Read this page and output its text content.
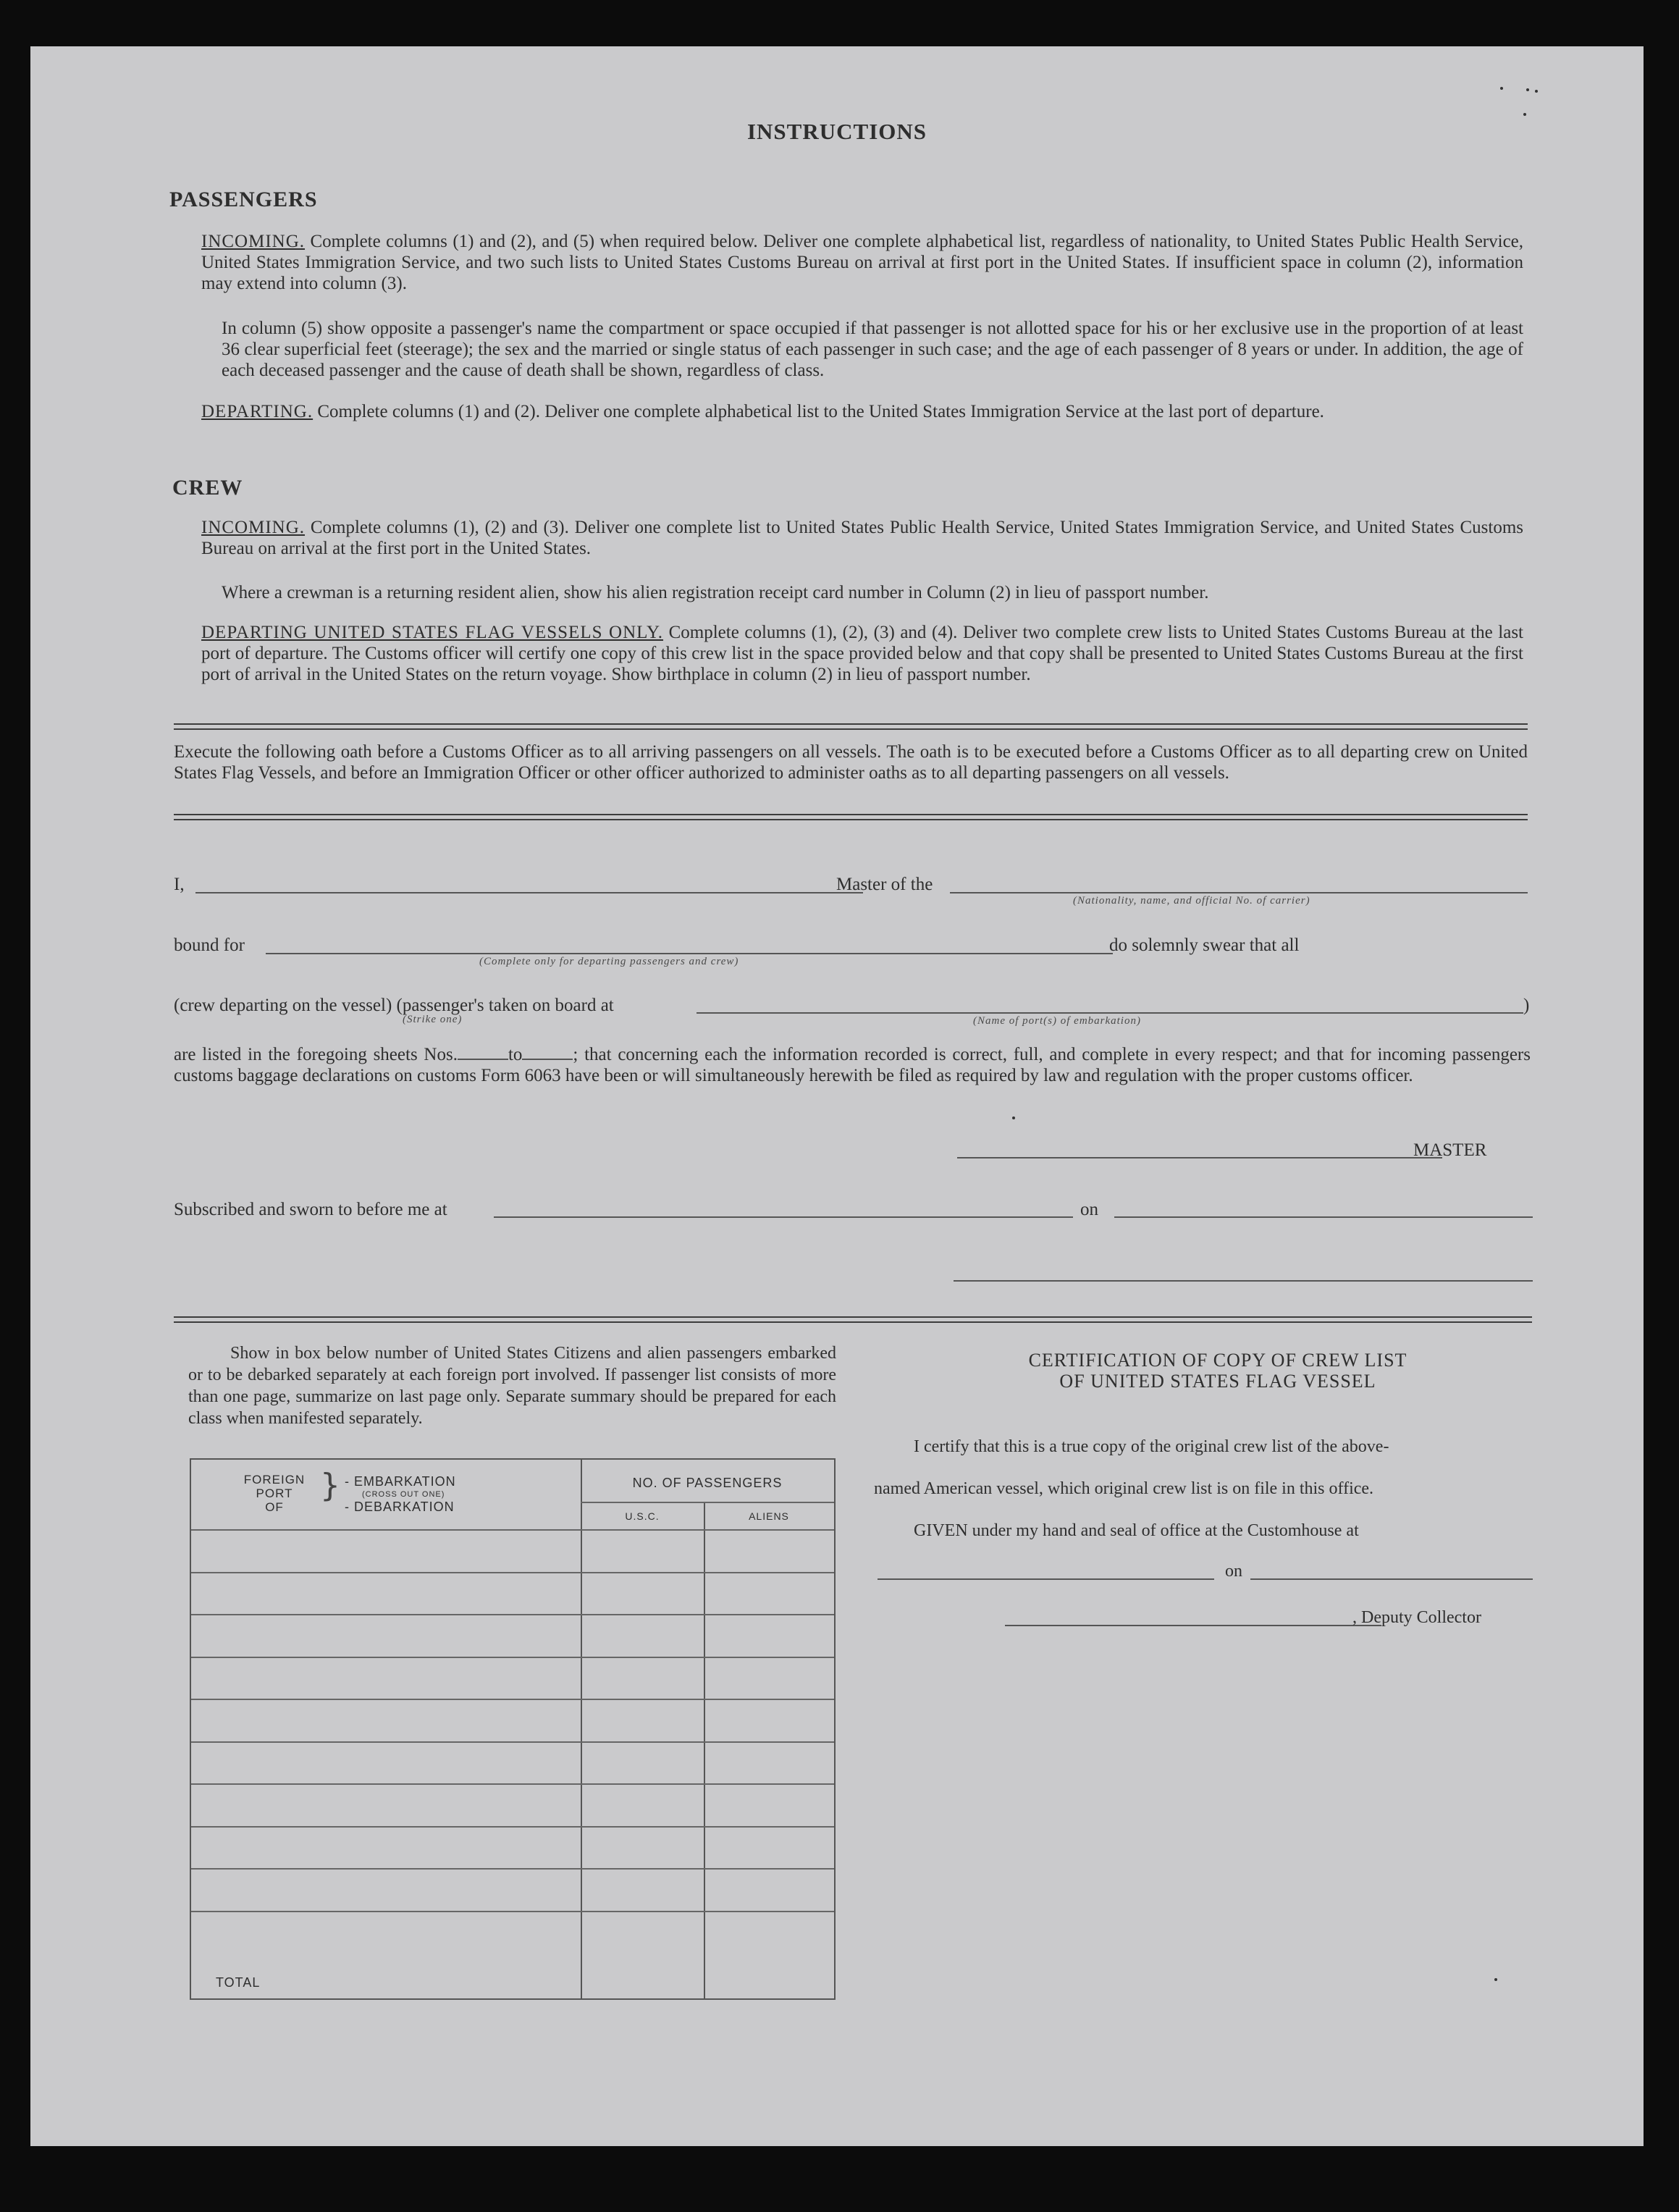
INSTRUCTIONS
PASSENGERS
INCOMING. Complete columns (1) and (2), and (5) when required below. Deliver one complete alphabetical list, regardless of nationality, to United States Public Health Service, United States Immigration Service, and two such lists to United States Customs Bureau on arrival at first port in the United States. If insufficient space in column (2), information may extend into column (3).
In column (5) show opposite a passenger's name the compartment or space occupied if that passenger is not allotted space for his or her exclusive use in the proportion of at least 36 clear superficial feet (steerage); the sex and the married or single status of each passenger in such case; and the age of each passenger of 8 years or under. In addition, the age of each deceased passenger and the cause of death shall be shown, regardless of class.
DEPARTING. Complete columns (1) and (2). Deliver one complete alphabetical list to the United States Immigration Service at the last port of departure.
CREW
INCOMING. Complete columns (1), (2) and (3). Deliver one complete list to United States Public Health Service, United States Immigration Service, and United States Customs Bureau on arrival at the first port in the United States.
Where a crewman is a returning resident alien, show his alien registration receipt card number in Column (2) in lieu of passport number.
DEPARTING UNITED STATES FLAG VESSELS ONLY. Complete columns (1), (2), (3) and (4). Deliver two complete crew lists to United States Customs Bureau at the last port of departure. The Customs officer will certify one copy of this crew list in the space provided below and that copy shall be presented to United States Customs Bureau at the first port of arrival in the United States on the return voyage. Show birthplace in column (2) in lieu of passport number.
Execute the following oath before a Customs Officer as to all arriving passengers on all vessels. The oath is to be executed before a Customs Officer as to all departing crew on United States Flag Vessels, and before an Immigration Officer or other officer authorized to administer oaths as to all departing passengers on all vessels.
I,	Master of the
(Nationality, name, and official No. of carrier)
bound for
(Complete only for departing passengers and crew)
do solemnly swear that all
(crew departing on the vessel) (passenger's taken on board at
(Strike one)	(Name of port(s) of embarkation)
)
are listed in the foregoing sheets Nos.	to	; that concerning each the information recorded is correct, full, and complete in every respect; and that for incoming passengers customs baggage declarations on customs Form 6063 have been or will simultaneously herewith be filed as required by law and regulation with the proper customs officer.
MASTER
Subscribed and sworn to before me at	on
Show in box below number of United States Citizens and alien passengers embarked or to be debarked separately at each foreign port involved. If passenger list consists of more than one page, summarize on last page only. Separate summary should be prepared for each class when manifested separately.
FOREIGN
PORT
OF
} - EMBARKATION
(CROSS OUT ONE)
- DEBARKATION
NO. OF PASSENGERS
U.S.C.	ALIENS
TOTAL
CERTIFICATION OF COPY OF CREW LIST
OF UNITED STATES FLAG VESSEL
I certify that this is a true copy of the original crew list of the above-
named American vessel, which original crew list is on file in this office.
GIVEN under my hand and seal of office at the Customhouse at
on
, Deputy Collector
